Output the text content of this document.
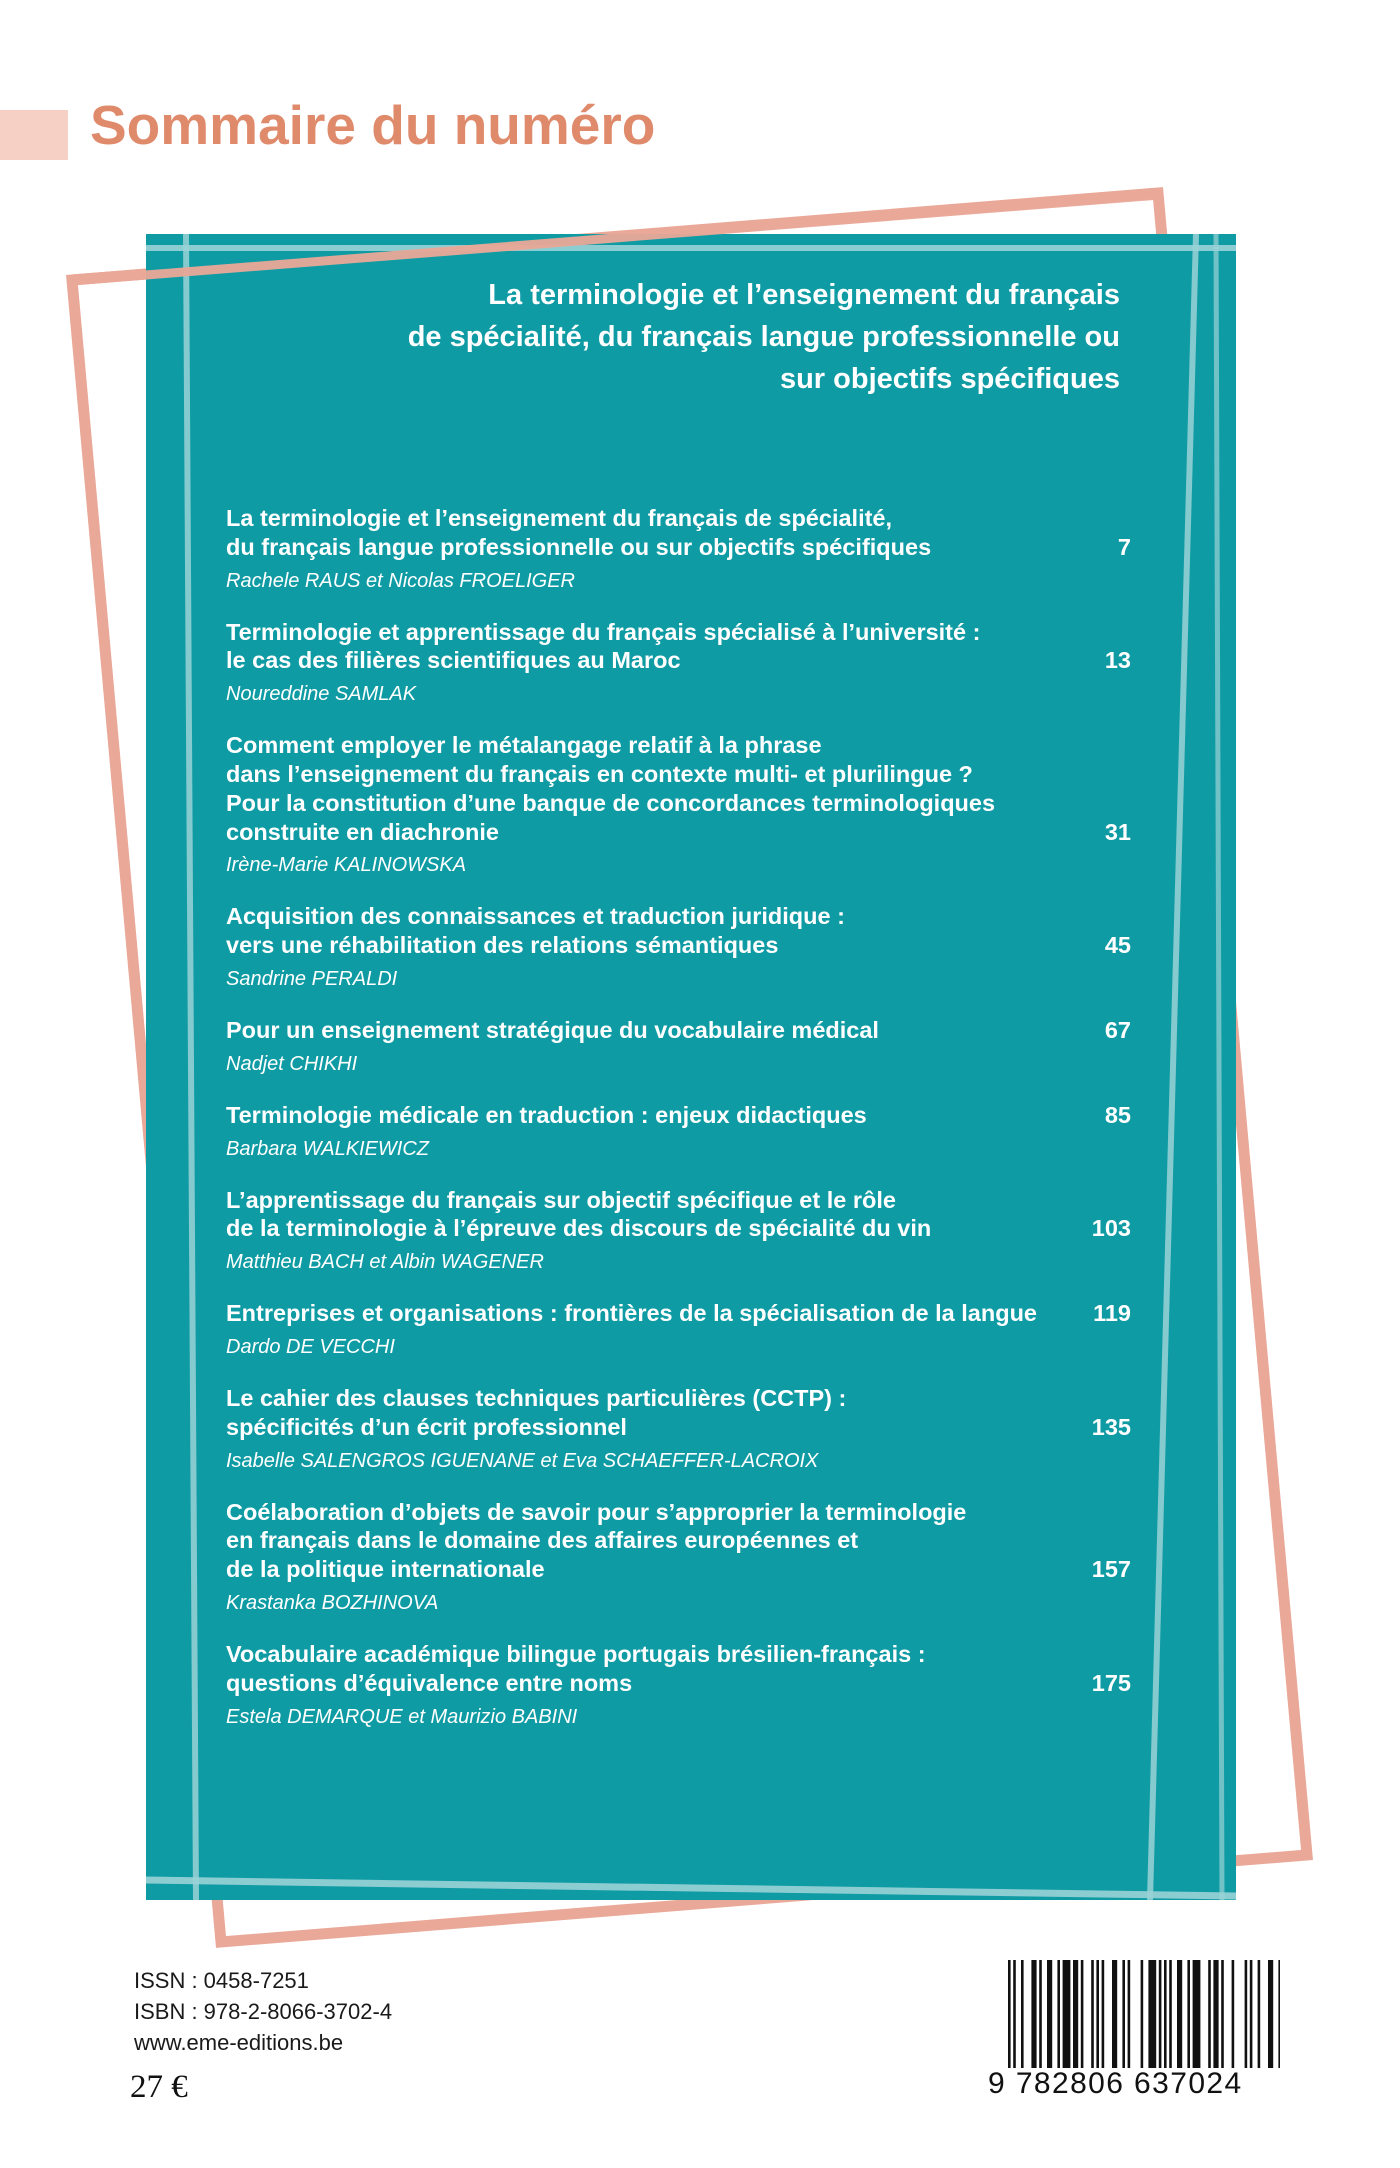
Sommaire du numéro
La terminologie et l’enseignement du français
de spécialité, du français langue professionnelle ou
sur objectifs spécifiques
La terminologie et l’enseignement du français de spécialité,
du français langue professionnelle ou sur objectifs spécifiques	7
Rachele RAUS et Nicolas FROELIGER
Terminologie et apprentissage du français spécialisé à l’université :
le cas des filières scientifiques au Maroc	13
Noureddine SAMLAK
Comment employer le métalangage relatif à la phrase
dans l’enseignement du français en contexte multi- et plurilingue ?
Pour la constitution d’une banque de concordances terminologiques
construite en diachronie	31
Irène-Marie KALINOWSKA
Acquisition des connaissances et traduction juridique :
vers une réhabilitation des relations sémantiques	45
Sandrine PERALDI
Pour un enseignement stratégique du vocabulaire médical	67
Nadjet CHIKHI
Terminologie médicale en traduction : enjeux didactiques	85
Barbara WALKIEWICZ
L’apprentissage du français sur objectif spécifique et le rôle
de la terminologie à l’épreuve des discours de spécialité du vin	103
Matthieu BACH et Albin WAGENER
Entreprises et organisations : frontières de la spécialisation de la langue	119
Dardo DE VECCHI
Le cahier des clauses techniques particulières (CCTP) :
spécificités d’un écrit professionnel	135
Isabelle SALENGROS IGUENANE et Eva SCHAEFFER-LACROIX
Coélaboration d’objets de savoir pour s’approprier la terminologie
en français dans le domaine des affaires européennes et
de la politique internationale	157
Krastanka BOZHINOVA
Vocabulaire académique bilingue portugais brésilien-français :
questions d’équivalence entre noms	175
Estela DEMARQUE et Maurizio BABINI
ISSN : 0458-7251
ISBN : 978-2-8066-3702-4
www.eme-editions.be
27 €	9 782806 637024
